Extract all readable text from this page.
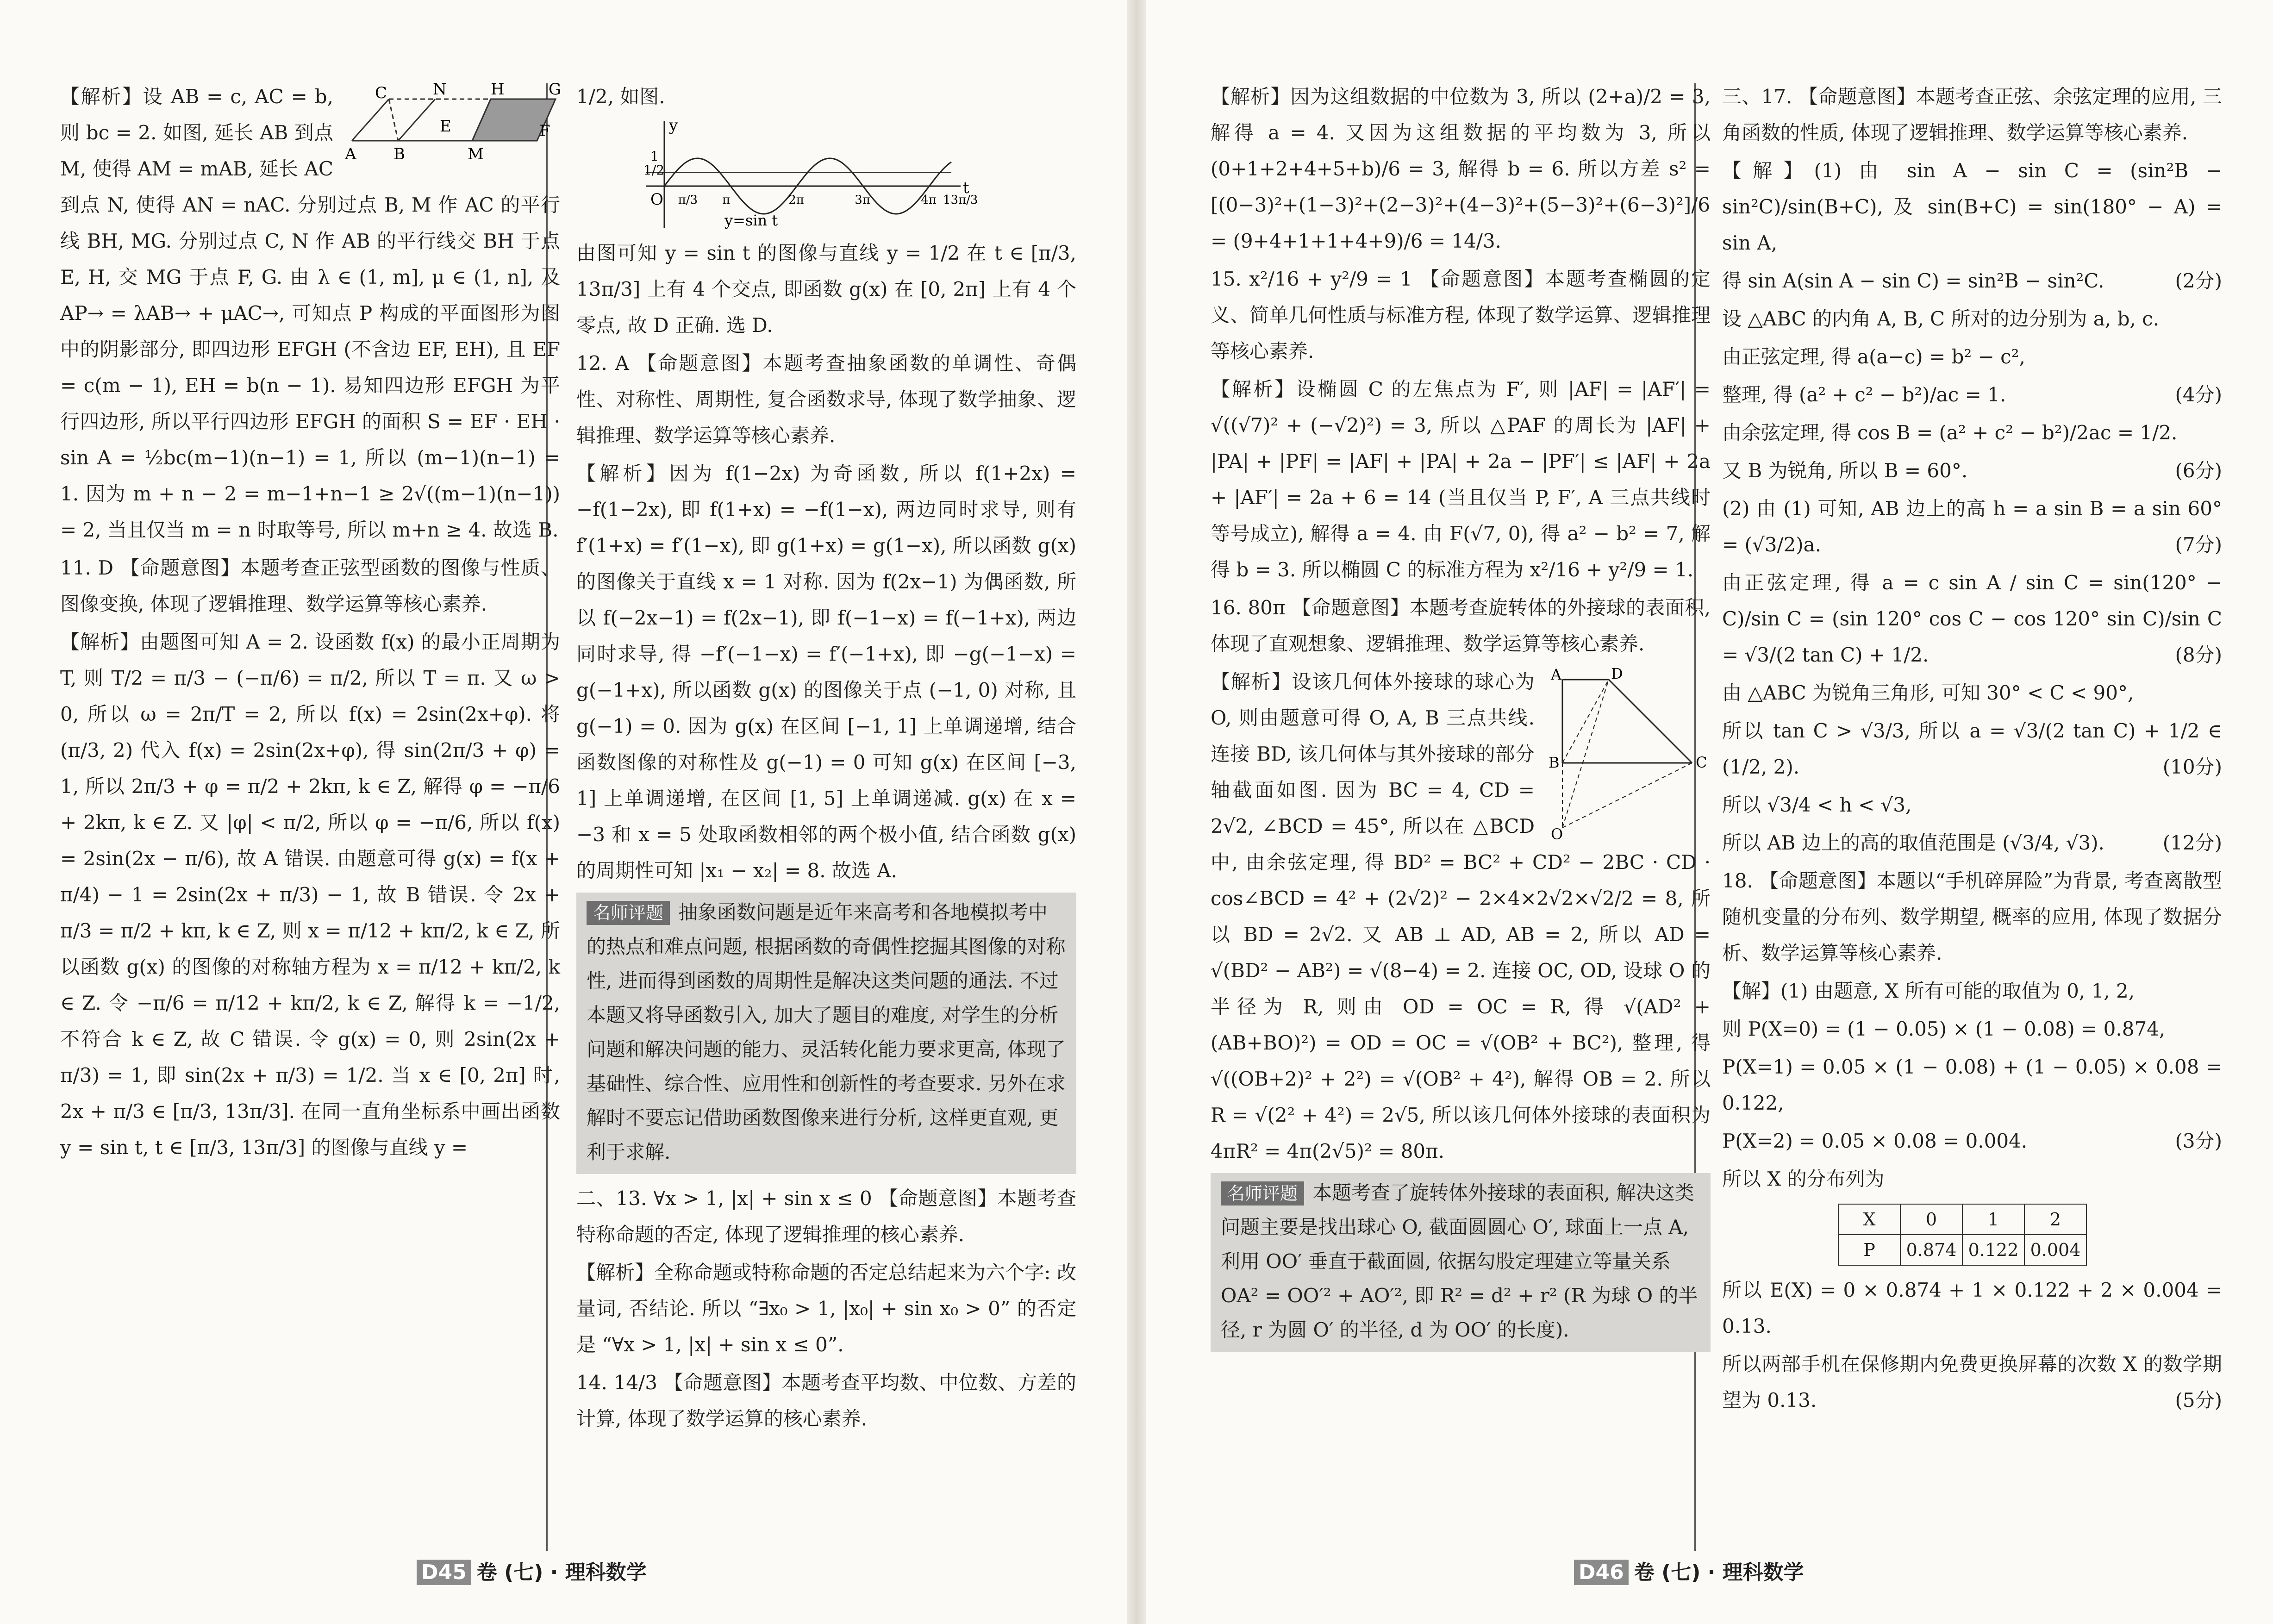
A B	M
C
E	F
N	H	G

【解析】设 AB = c, AC = b, 则 bc = 2. 如图, 延长 AB 到点 M, 使得 AM = mAB, 延长 AC 到点 N, 使得 AN = nAC. 分别过点 B, M 作 AC 的平行线 BH, MG. 分别过点 C, N 作 AB 的平行线交 BH 于点 E, H, 交 MG 于点 F, G. 由 λ ∈ (1, m], μ ∈ (1, n], 及 AP→ = λAB→ + μAC→, 可知点 P 构成的平面图形为图中的阴影部分, 即四边形 EFGH (不含边 EF, EH), 且 EF = c(m − 1), EH = b(n − 1). 易知四边形 EFGH 为平行四边形, 所以平行四边形 EFGH 的面积 S = EF · EH · sin A = ½bc(m−1)(n−1) = 1, 所以 (m−1)(n−1) = 1. 因为 m + n − 2 = m−1+n−1 ≥ 2√((m−1)(n−1)) = 2, 当且仅当 m = n 时取等号, 所以 m+n ≥ 4. 故选 B.

11. D 【命题意图】本题考查正弦型函数的图像与性质、图像变换, 体现了逻辑推理、数学运算等核心素养.

【解析】由题图可知 A = 2. 设函数 f(x) 的最小正周期为 T, 则 T/2 = π/3 − (−π/6) = π/2, 所以 T = π. 又 ω > 0, 所以 ω = 2π/T = 2, 所以 f(x) = 2sin(2x+φ). 将 (π/3, 2) 代入 f(x) = 2sin(2x+φ), 得 sin(2π/3 + φ) = 1, 所以 2π/3 + φ = π/2 + 2kπ, k ∈ Z, 解得 φ = −π/6 + 2kπ, k ∈ Z. 又 |φ| < π/2, 所以 φ = −π/6, 所以 f(x) = 2sin(2x − π/6), 故 A 错误. 由题意可得 g(x) = f(x + π/4) − 1 = 2sin(2x + π/3) − 1, 故 B 错误. 令 2x + π/3 = π/2 + kπ, k ∈ Z, 则 x = π/12 + kπ/2, k ∈ Z, 所以函数 g(x) 的图像的对称轴方程为 x = π/12 + kπ/2, k ∈ Z. 令 −π/6 = π/12 + kπ/2, k ∈ Z, 解得 k = −1/2, 不符合 k ∈ Z, 故 C 错误. 令 g(x) = 0, 则 2sin(2x + π/3) = 1, 即 sin(2x + π/3) = 1/2. 当 x ∈ [0, 2π] 时, 2x + π/3 ∈ [π/3, 13π/3]. 在同一直角坐标系中画出函数 y = sin t, t ∈ [π/3, 13π/3] 的图像与直线 y =

1/2, 如图.

y
t
O
1/2
1
y=sin t
π/3 π	2π	3π	4π 13π/3

由图可知 y = sin t 的图像与直线 y = 1/2 在 t ∈ [π/3, 13π/3] 上有 4 个交点, 即函数 g(x) 在 [0, 2π] 上有 4 个零点, 故 D 正确. 选 D.

12. A 【命题意图】本题考查抽象函数的单调性、奇偶性、对称性、周期性, 复合函数求导, 体现了数学抽象、逻辑推理、数学运算等核心素养.

【解析】因为 f(1−2x) 为奇函数, 所以 f(1+2x) = −f(1−2x), 即 f(1+x) = −f(1−x), 两边同时求导, 则有 f′(1+x) = f′(1−x), 即 g(1+x) = g(1−x), 所以函数 g(x) 的图像关于直线 x = 1 对称. 因为 f(2x−1) 为偶函数, 所以 f(−2x−1) = f(2x−1), 即 f(−1−x) = f(−1+x), 两边同时求导, 得 −f′(−1−x) = f′(−1+x), 即 −g(−1−x) = g(−1+x), 所以函数 g(x) 的图像关于点 (−1, 0) 对称, 且 g(−1) = 0. 因为 g(x) 在区间 [−1, 1] 上单调递增, 结合函数图像的对称性及 g(−1) = 0 可知 g(x) 在区间 [−3, 1] 上单调递增, 在区间 [1, 5] 上单调递减. g(x) 在 x = −3 和 x = 5 处取函数相邻的两个极小值, 结合函数 g(x) 的周期性可知 |x₁ − x₂| = 8. 故选 A.

名师评题 抽象函数问题是近年来高考和各地模拟考中的热点和难点问题, 根据函数的奇偶性挖掘其图像的对称性, 进而得到函数的周期性是解决这类问题的通法. 不过本题又将导函数引入, 加大了题目的难度, 对学生的分析问题和解决问题的能力、灵活转化能力要求更高, 体现了基础性、综合性、应用性和创新性的考查要求. 另外在求解时不要忘记借助函数图像来进行分析, 这样更直观, 更利于求解.

二、13. ∀x > 1, |x| + sin x ≤ 0 【命题意图】本题考查特称命题的否定, 体现了逻辑推理的核心素养.

【解析】全称命题或特称命题的否定总结起来为六个字: 改量词, 否结论. 所以 “∃x₀ > 1, |x₀| + sin x₀ > 0” 的否定是 “∀x > 1, |x| + sin x ≤ 0”.

14. 14/3 【命题意图】本题考查平均数、中位数、方差的计算, 体现了数学运算的核心素养.

D45 卷 (七) · 理科数学

【解析】因为这组数据的中位数为 3, 所以 (2+a)/2 = 3, 解得 a = 4. 又因为这组数据的平均数为 3, 所以 (0+1+2+4+5+b)/6 = 3, 解得 b = 6. 所以方差 s² = [(0−3)²+(1−3)²+(2−3)²+(4−3)²+(5−3)²+(6−3)²]/6 = (9+4+1+1+4+9)/6 = 14/3.

15. x²/16 + y²/9 = 1 【命题意图】本题考查椭圆的定义、简单几何性质与标准方程, 体现了数学运算、逻辑推理等核心素养.

【解析】设椭圆 C 的左焦点为 F′, 则 |AF| = |AF′| = √((√7)² + (−√2)²) = 3, 所以 △PAF 的周长为 |AF| + |PA| + |PF| = |AF| + |PA| + 2a − |PF′| ≤ |AF| + 2a + |AF′| = 2a + 6 = 14 (当且仅当 P, F′, A 三点共线时等号成立), 解得 a = 4. 由 F(√7, 0), 得 a² − b² = 7, 解得 b = 3. 所以椭圆 C 的标准方程为 x²/16 + y²/9 = 1.

16. 80π 【命题意图】本题考查旋转体的外接球的表面积, 体现了直观想象、逻辑推理、数学运算等核心素养.

A	D
B	C
O

【解析】设该几何体外接球的球心为 O, 则由题意可得 O, A, B 三点共线. 连接 BD, 该几何体与其外接球的部分轴截面如图. 因为 BC = 4, CD = 2√2, ∠BCD = 45°, 所以在 △BCD 中, 由余弦定理, 得 BD² = BC² + CD² − 2BC · CD · cos∠BCD = 4² + (2√2)² − 2×4×2√2×√2/2 = 8, 所以 BD = 2√2. 又 AB ⊥ AD, AB = 2, 所以 AD = √(BD² − AB²) = √(8−4) = 2. 连接 OC, OD, 设球 O 的半径为 R, 则由 OD = OC = R, 得 √(AD² + (AB+BO)²) = OD = OC = √(OB² + BC²), 整理, 得 √((OB+2)² + 2²) = √(OB² + 4²), 解得 OB = 2. 所以 R = √(2² + 4²) = 2√5, 所以该几何体外接球的表面积为 4πR² = 4π(2√5)² = 80π.

名师评题 本题考查了旋转体外接球的表面积, 解决这类问题主要是找出球心 O, 截面圆圆心 O′, 球面上一点 A, 利用 OO′ 垂直于截面圆, 依据勾股定理建立等量关系 OA² = OO′² + AO′², 即 R² = d² + r² (R 为球 O 的半径, r 为圆 O′ 的半径, d 为 OO′ 的长度).

三、17. 【命题意图】本题考查正弦、余弦定理的应用, 三角函数的性质, 体现了逻辑推理、数学运算等核心素养.

【解】(1) 由 sin A − sin C = (sin²B − sin²C)/sin(B+C), 及 sin(B+C) = sin(180° − A) = sin A,

得 sin A(sin A − sin C) = sin²B − sin²C.	(2分)

设 △ABC 的内角 A, B, C 所对的边分别为 a, b, c.

由正弦定理, 得 a(a−c) = b² − c²,

整理, 得 (a² + c² − b²)/ac = 1.	(4分)

由余弦定理, 得 cos B = (a² + c² − b²)/2ac = 1/2.

又 B 为锐角, 所以 B = 60°.	(6分)

(2) 由 (1) 可知, AB 边上的高 h = a sin B = a sin 60° = (√3/2)a.	(7分)

由正弦定理, 得 a = c sin A / sin C = sin(120° − C)/sin C = (sin 120° cos C − cos 120° sin C)/sin C = √3/(2 tan C) + 1/2.	(8分)

由 △ABC 为锐角三角形, 可知 30° < C < 90°,

所以 tan C > √3/3, 所以 a = √3/(2 tan C) + 1/2 ∈ (1/2, 2).	(10分)

所以 √3/4 < h < √3,

所以 AB 边上的高的取值范围是 (√3/4, √3).	(12分)

18. 【命题意图】本题以“手机碎屏险”为背景, 考查离散型随机变量的分布列、数学期望, 概率的应用, 体现了数据分析、数学运算等核心素养.

【解】(1) 由题意, X 所有可能的取值为 0, 1, 2,

则 P(X=0) = (1 − 0.05) × (1 − 0.08) = 0.874,

P(X=1) = 0.05 × (1 − 0.08) + (1 − 0.05) × 0.08 = 0.122,

P(X=2) = 0.05 × 0.08 = 0.004.	(3分)

所以 X 的分布列为

X	0	1	2
P	0.874	0.122	0.004

所以 E(X) = 0 × 0.874 + 1 × 0.122 + 2 × 0.004 = 0.13.

所以两部手机在保修期内免费更换屏幕的次数 X 的数学期望为 0.13.	(5分)

D46 卷 (七) · 理科数学
